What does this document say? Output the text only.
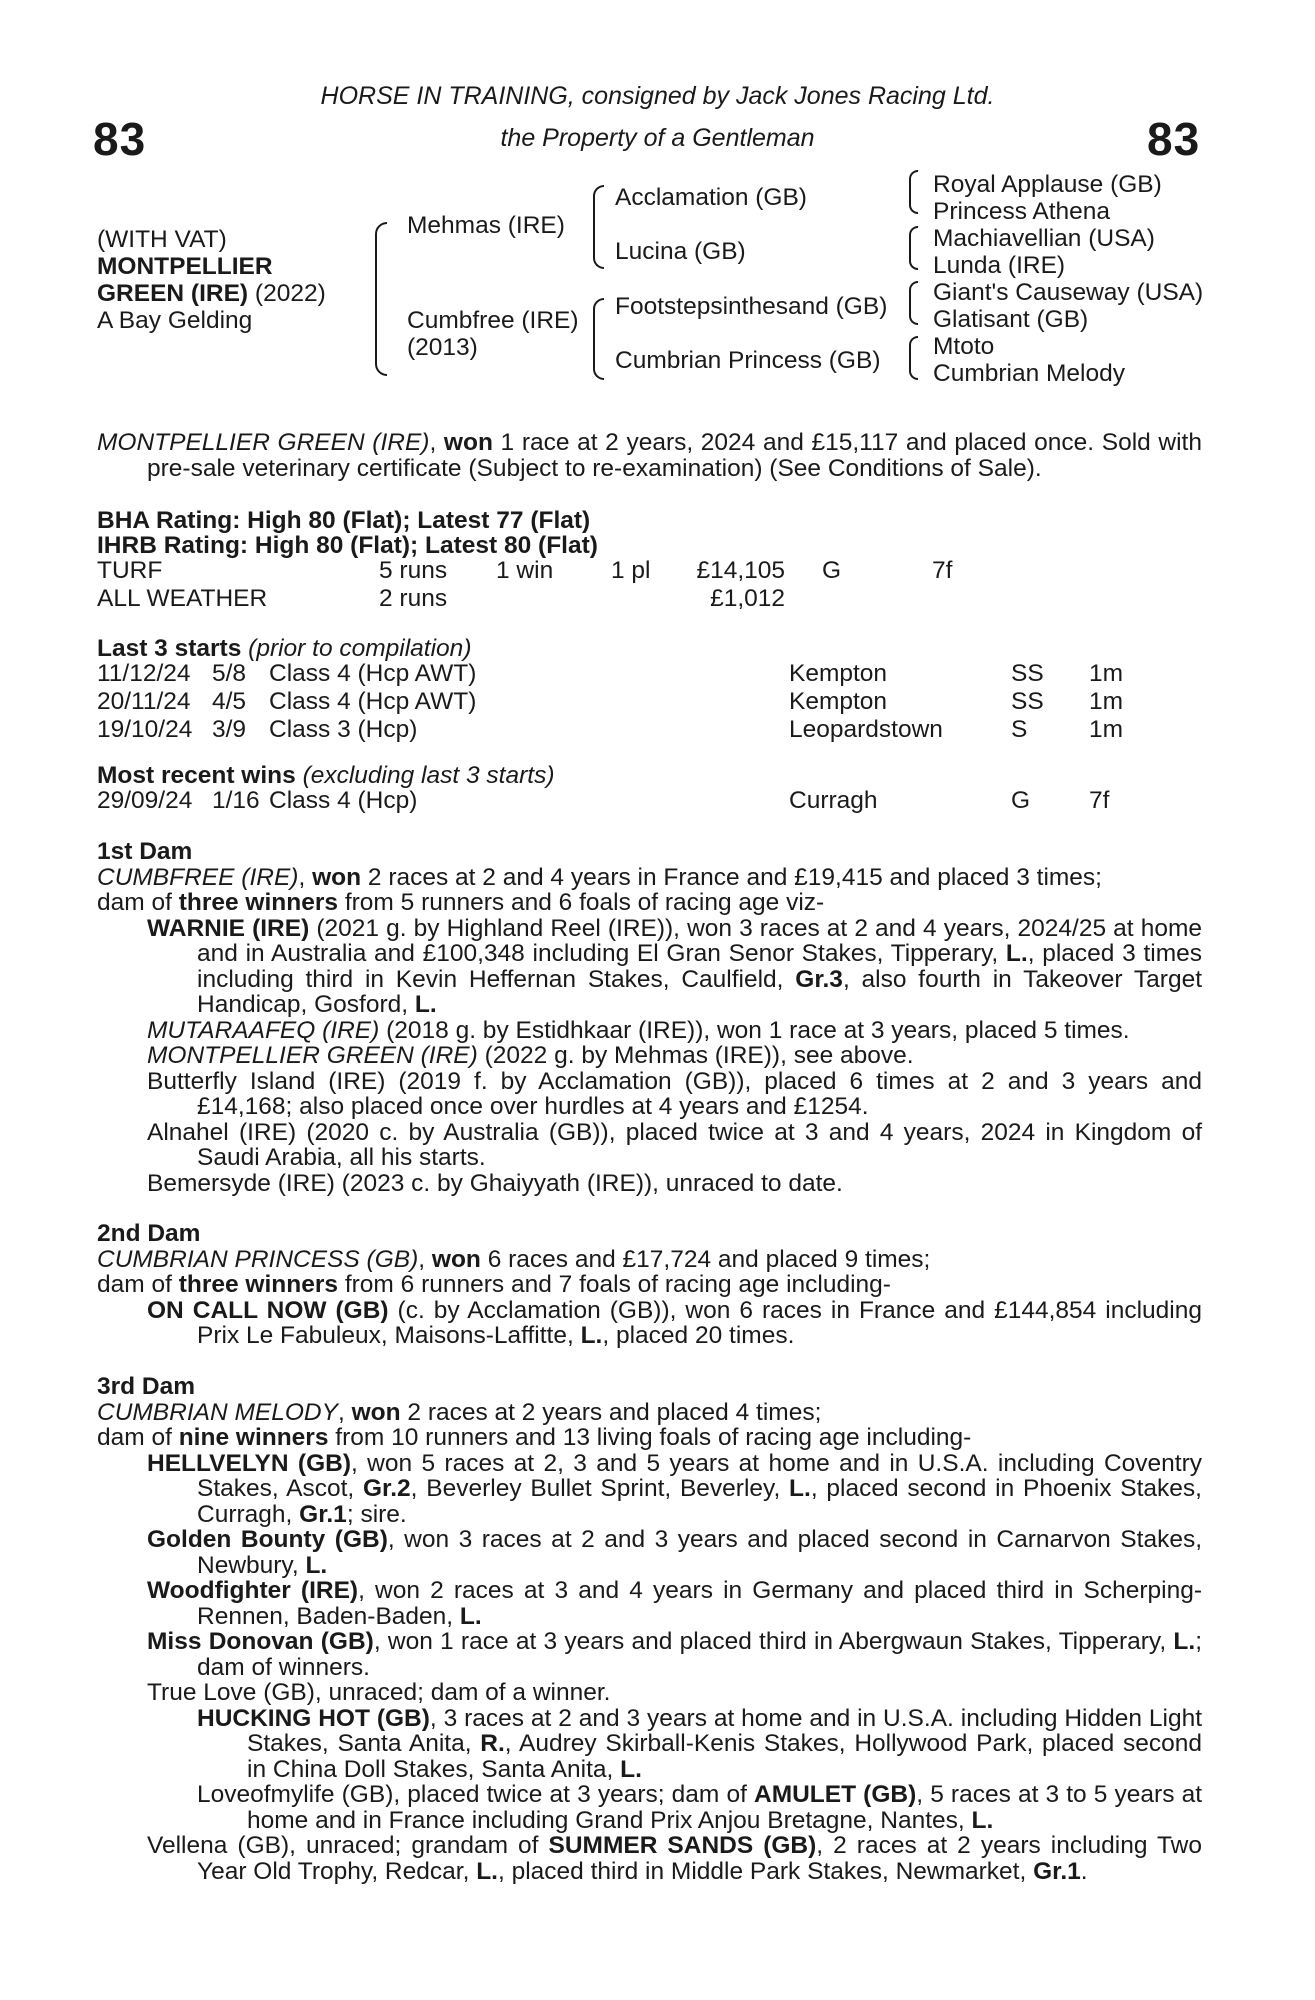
83	83
HORSE IN TRAINING, consigned by Jack Jones Racing Ltd.
the Property of a Gentleman
(WITH VAT)
MONTPELLIER
GREEN (IRE) (2022)
A Bay Gelding
Mehmas (IRE)
Cumbfree (IRE)
(2013)
Acclamation (GB)
Lucina (GB)
Footstepsinthesand (GB)
Cumbrian Princess (GB)
Royal Applause (GB)
Princess Athena
Machiavellian (USA)
Lunda (IRE)
Giant's Causeway (USA)
Glatisant (GB)
Mtoto
Cumbrian Melody

MONTPELLIER GREEN (IRE), won 1 race at 2 years, 2024 and £15,117 and placed once. Sold with pre-sale veterinary certificate (Subject to re-examination) (See Conditions of Sale).

BHA Rating: High 80 (Flat); Latest 77 (Flat)
IHRB Rating: High 80 (Flat); Latest 80 (Flat)
TURF	5 runs	1 win	1 pl	£14,105	G	7f
ALL WEATHER	2 runs			£1,012		
Last 3 starts (prior to compilation)
11/12/24	5/8	Class 4 (Hcp AWT)	Kempton	SS	1m
20/11/24	4/5	Class 4 (Hcp AWT)	Kempton	SS	1m
19/10/24	3/9	Class 3 (Hcp)	Leopardstown	S	1m
Most recent wins (excluding last 3 starts)
29/09/24	1/16	Class 4 (Hcp)	Curragh	G	7f

1st Dam

CUMBFREE (IRE), won 2 races at 2 and 4 years in France and £19,415 and placed 3 times;

dam of three winners from 5 runners and 6 foals of racing age viz-

WARNIE (IRE) (2021 g. by Highland Reel (IRE)), won 3 races at 2 and 4 years, 2024/25 at home and in Australia and £100,348 including El Gran Senor Stakes, Tipperary, L., placed 3 times including third in Kevin Heffernan Stakes, Caulfield, Gr.3, also fourth in Takeover Target Handicap, Gosford, L.

MUTARAAFEQ (IRE) (2018 g. by Estidhkaar (IRE)), won 1 race at 3 years, placed 5 times.

MONTPELLIER GREEN (IRE) (2022 g. by Mehmas (IRE)), see above.

Butterfly Island (IRE) (2019 f. by Acclamation (GB)), placed 6 times at 2 and 3 years and £14,168; also placed once over hurdles at 4 years and £1254.

Alnahel (IRE) (2020 c. by Australia (GB)), placed twice at 3 and 4 years, 2024 in Kingdom of Saudi Arabia, all his starts.

Bemersyde (IRE) (2023 c. by Ghaiyyath (IRE)), unraced to date.

2nd Dam

CUMBRIAN PRINCESS (GB), won 6 races and £17,724 and placed 9 times;

dam of three winners from 6 runners and 7 foals of racing age including-

ON CALL NOW (GB) (c. by Acclamation (GB)), won 6 races in France and £144,854 including Prix Le Fabuleux, Maisons-Laffitte, L., placed 20 times.

3rd Dam

CUMBRIAN MELODY, won 2 races at 2 years and placed 4 times;

dam of nine winners from 10 runners and 13 living foals of racing age including-

HELLVELYN (GB), won 5 races at 2, 3 and 5 years at home and in U.S.A. including Coventry Stakes, Ascot, Gr.2, Beverley Bullet Sprint, Beverley, L., placed second in Phoenix Stakes, Curragh, Gr.1; sire.

Golden Bounty (GB), won 3 races at 2 and 3 years and placed second in Carnarvon Stakes, Newbury, L.

Woodfighter (IRE), won 2 races at 3 and 4 years in Germany and placed third in Scherping-Rennen, Baden-Baden, L.

Miss Donovan (GB), won 1 race at 3 years and placed third in Abergwaun Stakes, Tipperary, L.; dam of winners.

True Love (GB), unraced; dam of a winner.

HUCKING HOT (GB), 3 races at 2 and 3 years at home and in U.S.A. including Hidden Light Stakes, Santa Anita, R., Audrey Skirball-Kenis Stakes, Hollywood Park, placed second in China Doll Stakes, Santa Anita, L.

Loveofmylife (GB), placed twice at 3 years; dam of AMULET (GB), 5 races at 3 to 5 years at home and in France including Grand Prix Anjou Bretagne, Nantes, L.

Vellena (GB), unraced; grandam of SUMMER SANDS (GB), 2 races at 2 years including Two Year Old Trophy, Redcar, L., placed third in Middle Park Stakes, Newmarket, Gr.1.
